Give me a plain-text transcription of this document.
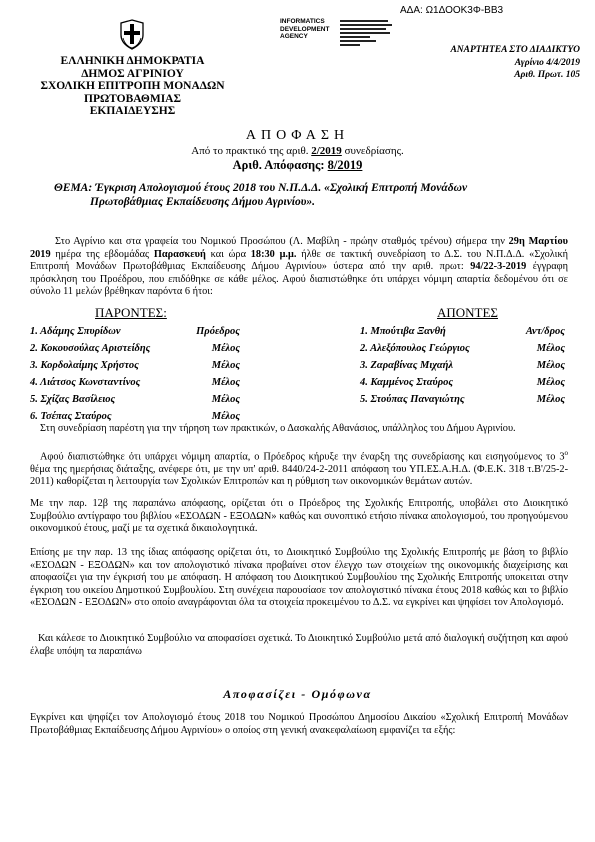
ΑΔΑ: Ω1ΔΟΟΚ3Φ-ΒΒ3
ΕΛΛΗΝΙΚΗ ΔΗΜΟΚΡΑΤΙΑ
ΔΗΜΟΣ ΑΓΡΙΝΙΟΥ
ΣΧΟΛΙΚΗ ΕΠΙΤΡΟΠΗ ΜΟΝΑΔΩΝ
ΠΡΩΤΟΒΑΘΜΙΑΣ ΕΚΠΑΙΔΕΥΣΗΣ
INFORMATICS
DEVELOPMENT
AGENCY
ΑΝΑΡΤΗΤΕΑ ΣΤΟ ΔΙΑΔΙΚΤΥΟ
Αγρίνιο 4/4/2019
Αριθ. Πρωτ. 105
ΑΠΟΦΑΣΗ
Από το πρακτικό της αριθ. 2/2019 συνεδρίασης.
Αριθ. Απόφασης: 8/2019
ΘΕΜΑ: Έγκριση Απολογισμού έτους 2018 του Ν.Π.Δ.Δ. «Σχολική Επιτροπή Μονάδων
Πρωτοβάθμιας Εκπαίδευσης Δήμου Αγρινίου».
Στο Αγρίνιο και στα γραφεία του Νομικού Προσώπου (Λ. Μαβίλη - πρώην σταθμός τρένου) σήμερα την 29η Μαρτίου 2019 ημέρα της εβδομάδας Παρασκευή και ώρα 18:30 μ.μ. ήλθε σε τακτική συνεδρίαση το Δ.Σ. του Ν.Π.Δ.Δ. «Σχολική Επιτροπή Μονάδων Πρωτοβάθμιας Εκπαίδευσης Δήμου Αγρινίου» ύστερα από την αριθ. πρωτ: 94/22-3-2019 έγγραφη πρόσκληση του Προέδρου, που επιδόθηκε σε κάθε μέλος. Αφού διαπιστώθηκε ότι υπάρχει νόμιμη απαρτία δεδομένου ότι σε σύνολο 11 μελών βρέθηκαν παρόντα 6 ήτοι:
ΠΑΡΟΝΤΕΣ:	ΑΠΟΝΤΕΣ
1. Αδάμης Σπυρίδων	Πρόεδρος
2. Κοκουσούλας Αριστείδης	Μέλος
3. Κορδολαίμης Χρήστος	Μέλος
4. Λιάτσος Κωνσταντίνος	Μέλος
5. Σχίζας Βασίλειος	Μέλος
6. Τσέπας Σταύρος	Μέλος
1. Μπούτιβα Ξανθή	Αντ/δρος
2. Αλεξόπουλος Γεώργιος	Μέλος
3. Ζαραβίνας Μιχαήλ	Μέλος
4. Καμμένος Σταύρος	Μέλος
5. Στούπας Παναγιώτης	Μέλος
Στη συνεδρίαση παρέστη για την τήρηση των πρακτικών, ο Δασκαλής Αθανάσιος, υπάλληλος του Δήμου Αγρινίου.
Αφού διαπιστώθηκε ότι υπάρχει νόμιμη απαρτία, ο Πρόεδρος κήρυξε την έναρξη της συνεδρίασης και εισηγούμενος το $3^o$ θέμα της ημερήσιας διάταξης, ανέφερε ότι, με την υπ' αριθ. 8440/24-2-2011 απόφαση του ΥΠ.ΕΣ.Α.Η.Δ. (Φ.Ε.Κ. 318 τ.Β'/25-2-2011) καθορίζεται η λειτουργία των Σχολικών Επιτροπών και η ρύθμιση των οικονομικών θεμάτων αυτών.
Με την παρ. 12β της παραπάνω απόφασης, ορίζεται ότι ο Πρόεδρος της Σχολικής Επιτροπής, υποβάλει στο Διοικητικό Συμβούλιο αντίγραφο του βιβλίου «ΕΣΟΔΩΝ - ΕΞΟΔΩΝ» καθώς και συνοπτικό ετήσιο πίνακα απολογισμού, του προηγούμενου οικονομικού έτους, μαζί με τα σχετικά δικαιολογητικά.
Επίσης με την παρ. 13 της ίδιας απόφασης ορίζεται ότι, το Διοικητικό Συμβούλιο της Σχολικής Επιτροπής με βάση το βιβλίο «ΕΣΟΔΩΝ - ΕΞΟΔΩΝ» και τον απολογιστικό πίνακα προβαίνει στον έλεγχο των στοιχείων της οικονομικής διαχείρισης και αποφασίζει για την έγκρισή του με απόφαση. Η απόφαση του Διοικητικού Συμβουλίου της Σχολικής Επιτροπής υποκειται στην έγκριση του οικείου Δημοτικού Συμβουλίου. Στη συνέχεια παρουσίασε τον απολογιστικό πίνακα έτους 2018 καθώς και το βιβλίο «ΕΣΟΔΩΝ - ΕΞΟΔΩΝ» στο οποίο αναγράφονται όλα τα στοιχεία προκειμένου το Δ.Σ. να εγκρίνει και ψηφίσει τον Απολογισμό.
Και κάλεσε το Διοικητικό Συμβούλιο να αποφασίσει σχετικά. Το Διοικητικό Συμβούλιο μετά από διαλογική συζήτηση και αφού έλαβε υπόψη τα παραπάνω
Αποφασίζει - Ομόφωνα
Εγκρίνει και ψηφίζει τον Απολογισμό έτους 2018 του Νομικού Προσώπου Δημοσίου Δικαίου «Σχολική Επιτροπή Μονάδων Πρωτοβάθμιας Εκπαίδευσης Δήμου Αγρινίου» ο οποίος στη γενική ανακεφαλαίωση εμφανίζει τα εξής:
